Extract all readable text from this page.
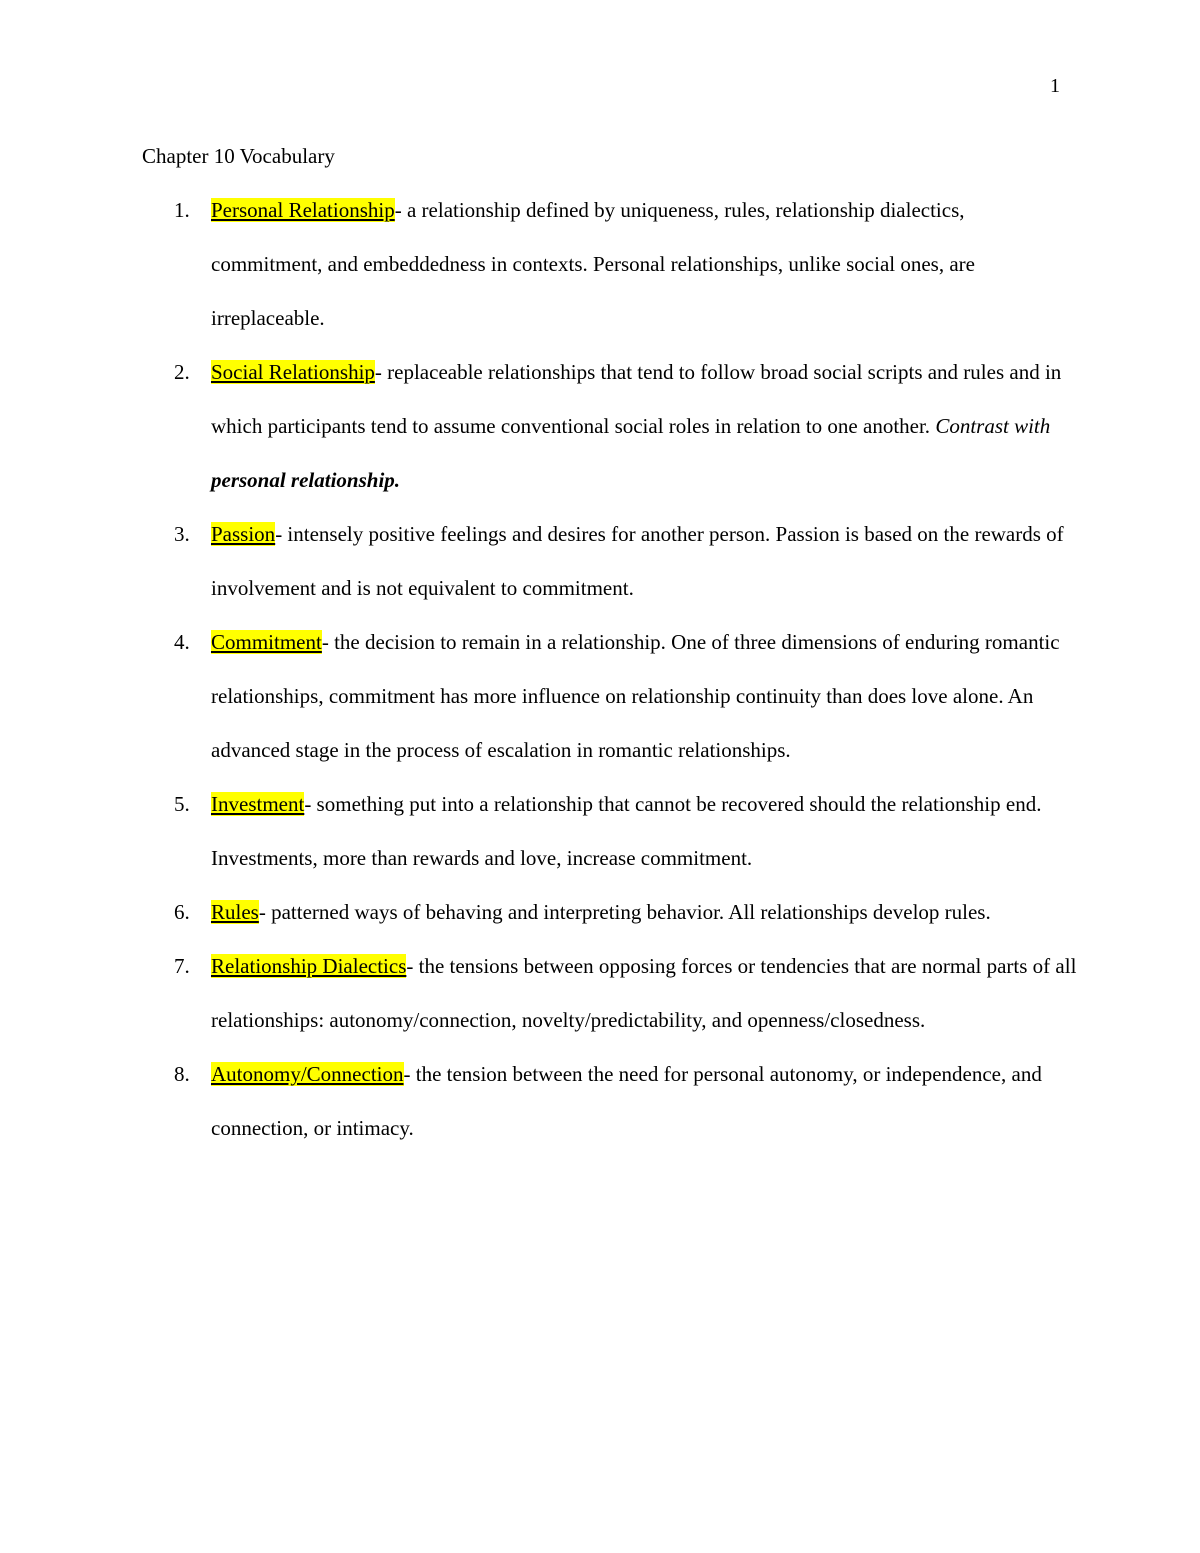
1
Chapter 10 Vocabulary
1. Personal Relationship- a relationship defined by uniqueness, rules, relationship dialectics, commitment, and embeddedness in contexts. Personal relationships, unlike social ones, are irreplaceable.
2. Social Relationship- replaceable relationships that tend to follow broad social scripts and rules and in which participants tend to assume conventional social roles in relation to one another. Contrast with personal relationship.
3. Passion- intensely positive feelings and desires for another person. Passion is based on the rewards of involvement and is not equivalent to commitment.
4. Commitment- the decision to remain in a relationship. One of three dimensions of enduring romantic relationships, commitment has more influence on relationship continuity than does love alone. An advanced stage in the process of escalation in romantic relationships.
5. Investment- something put into a relationship that cannot be recovered should the relationship end. Investments, more than rewards and love, increase commitment.
6. Rules- patterned ways of behaving and interpreting behavior. All relationships develop rules.
7. Relationship Dialectics- the tensions between opposing forces or tendencies that are normal parts of all relationships: autonomy/connection, novelty/predictability, and openness/closedness.
8. Autonomy/Connection- the tension between the need for personal autonomy, or independence, and connection, or intimacy.
